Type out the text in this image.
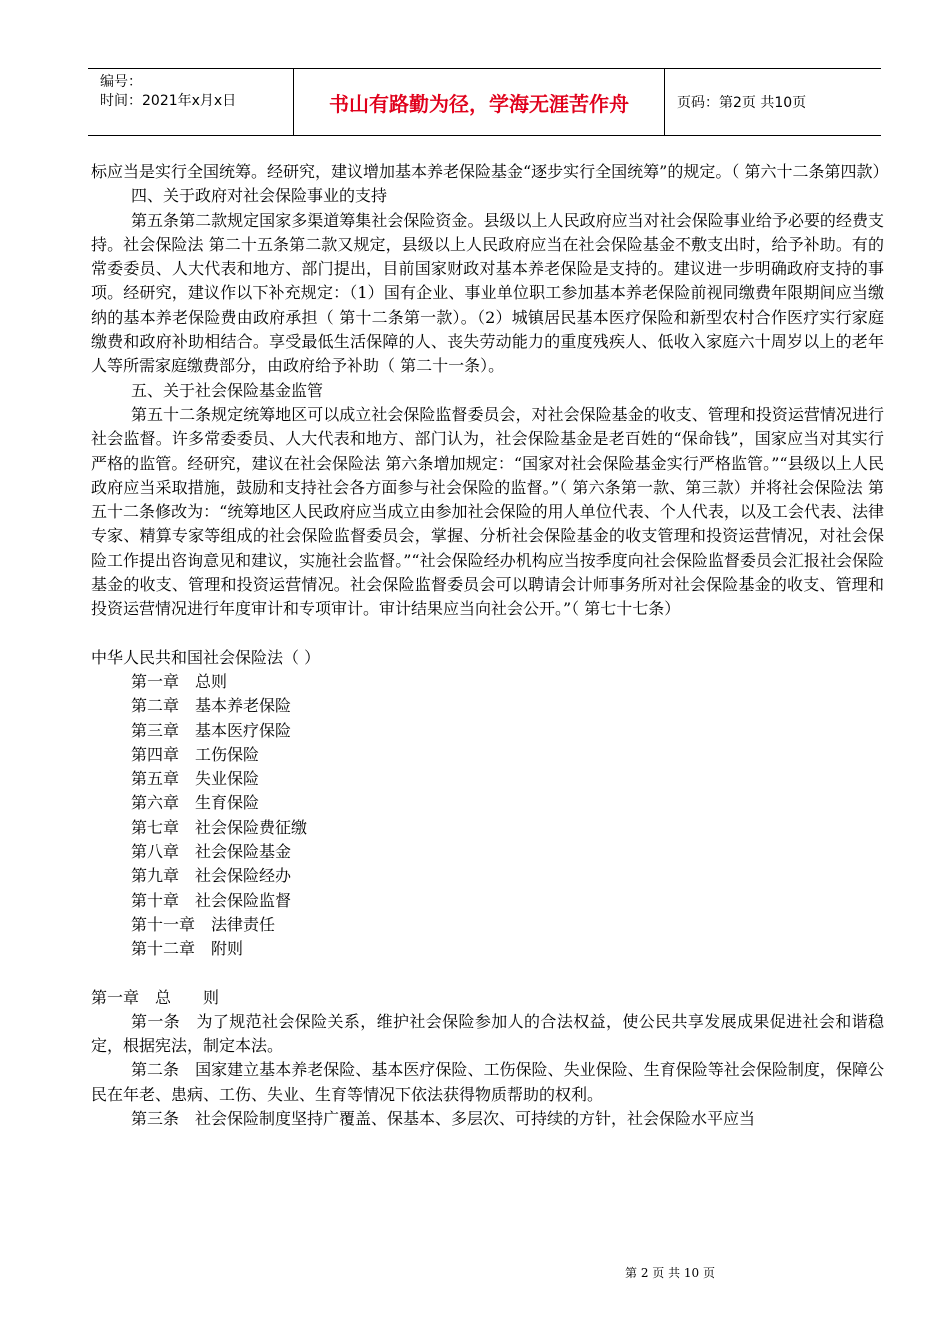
编号：
时间：2021年x月x日	书山有路勤为径，学海无涯苦作舟	页码：第2页 共10页

标应当是实行全国统筹。经研究，建议增加基本养老保险基金“逐步实行全国统筹”的规定。（ 第六十二条第四款）

四、关于政府对社会保险事业的支持

第五条第二款规定国家多渠道筹集社会保险资金。县级以上人民政府应当对社会保险事业给予必要的经费支持。社会保险法 第二十五条第二款又规定，县级以上人民政府应当在社会保险基金不敷支出时，给予补助。有的常委委员、人大代表和地方、部门提出，目前国家财政对基本养老保险是支持的。建议进一步明确政府支持的事项。经研究，建议作以下补充规定：（1）国有企业、事业单位职工参加基本养老保险前视同缴费年限期间应当缴纳的基本养老保险费由政府承担（ 第十二条第一款）。（2）城镇居民基本医疗保险和新型农村合作医疗实行家庭缴费和政府补助相结合。享受最低生活保障的人、丧失劳动能力的重度残疾人、低收入家庭六十周岁以上的老年人等所需家庭缴费部分，由政府给予补助（ 第二十一条）。

五、关于社会保险基金监管

第五十二条规定统筹地区可以成立社会保险监督委员会，对社会保险基金的收支、管理和投资运营情况进行社会监督。许多常委委员、人大代表和地方、部门认为，社会保险基金是老百姓的“保命钱”，国家应当对其实行严格的监管。经研究，建议在社会保险法 第六条增加规定：“国家对社会保险基金实行严格监管。”“县级以上人民政府应当采取措施，鼓励和支持社会各方面参与社会保险的监督。”（ 第六条第一款、第三款）并将社会保险法 第五十二条修改为：“统筹地区人民政府应当成立由参加社会保险的用人单位代表、个人代表，以及工会代表、法律专家、精算专家等组成的社会保险监督委员会，掌握、分析社会保险基金的收支管理和投资运营情况，对社会保险工作提出咨询意见和建议，实施社会监督。”“社会保险经办机构应当按季度向社会保险监督委员会汇报社会保险基金的收支、管理和投资运营情况。社会保险监督委员会可以聘请会计师事务所对社会保险基金的收支、管理和投资运营情况进行年度审计和专项审计。审计结果应当向社会公开。”（ 第七十七条）

中华人民共和国社会保险法（ ）

第一章　总则

第二章　基本养老保险

第三章　基本医疗保险

第四章　工伤保险

第五章　失业保险

第六章　生育保险

第七章　社会保险费征缴

第八章　社会保险基金

第九章　社会保险经办

第十章　社会保险监督

第十一章　法律责任

第十二章　附则

第一章　总　　则

第一条　为了规范社会保险关系，维护社会保险参加人的合法权益，使公民共享发展成果促进社会和谐稳定，根据宪法，制定本法。

第二条　国家建立基本养老保险、基本医疗保险、工伤保险、失业保险、生育保险等社会保险制度，保障公民在年老、患病、工伤、失业、生育等情况下依法获得物质帮助的权利。

第三条　社会保险制度坚持广覆盖、保基本、多层次、可持续的方针，社会保险水平应当

第 2 页 共 10 页
